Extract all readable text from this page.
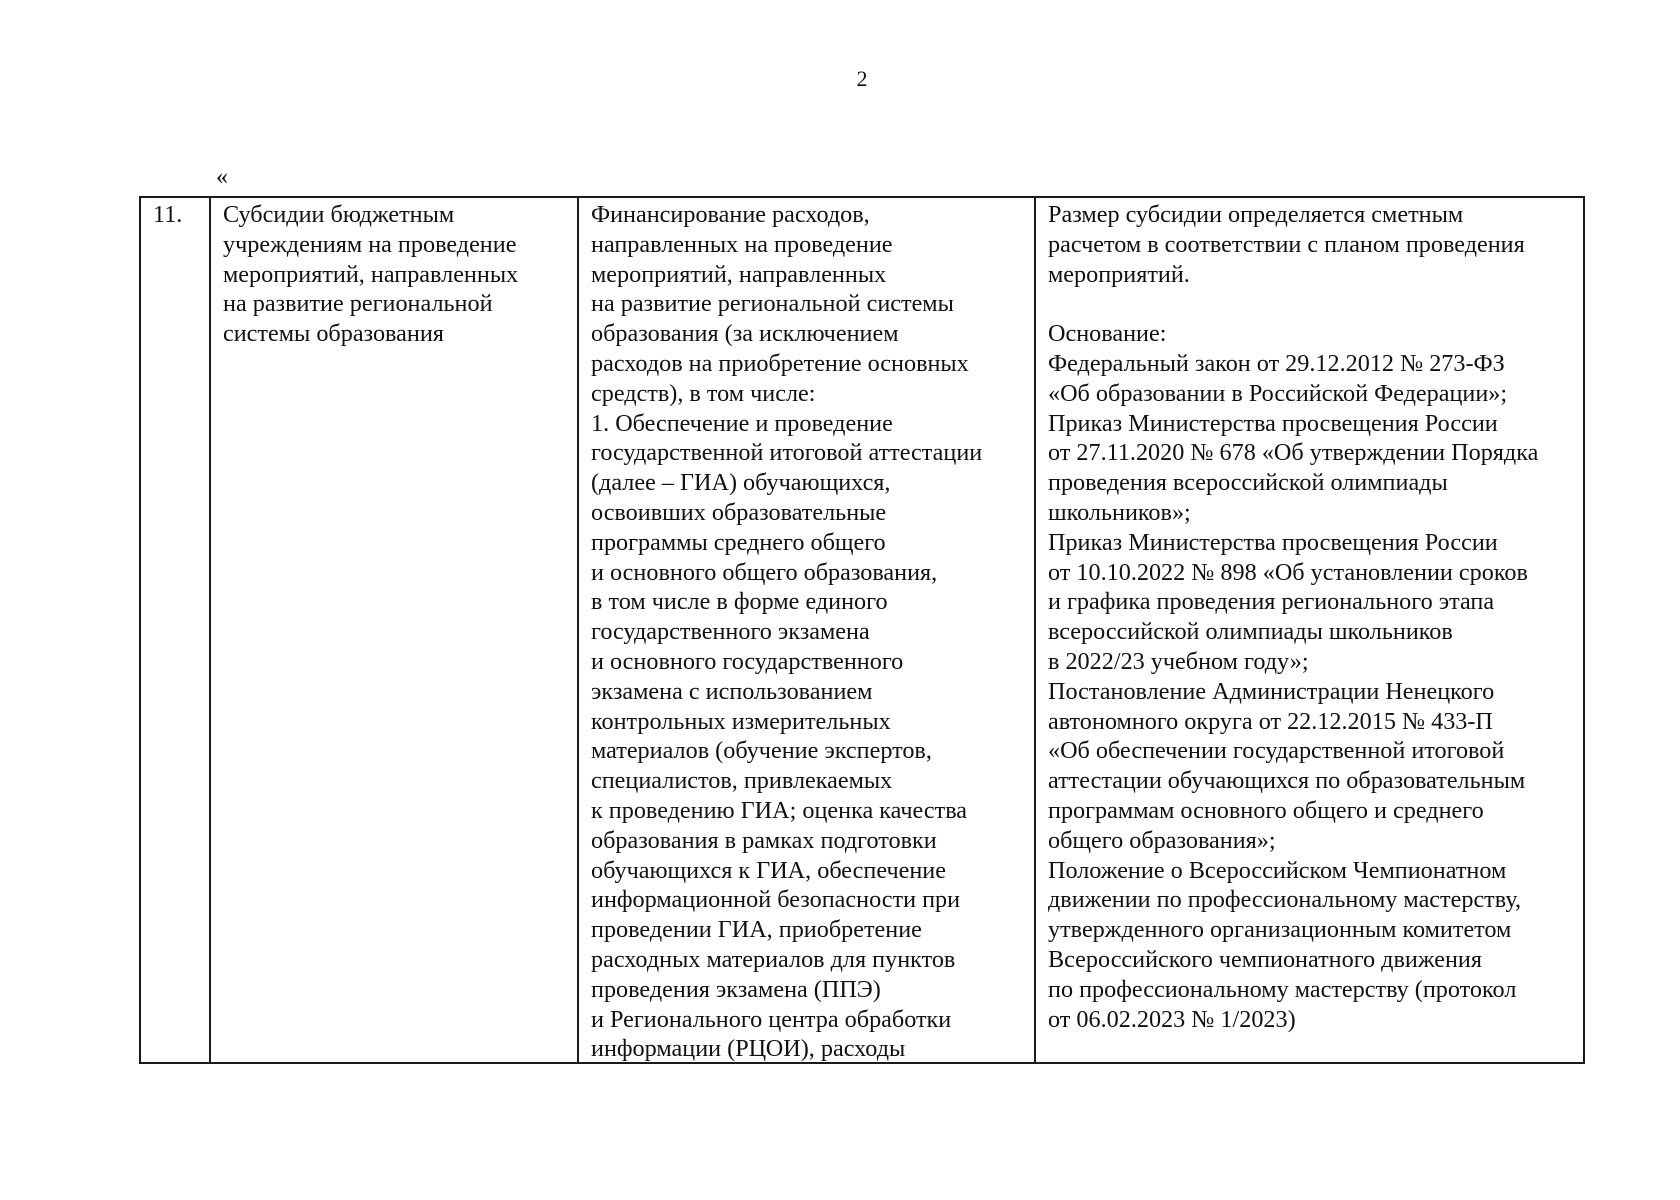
2
«
11.	Субсидии бюджетным
учреждениям на проведение
мероприятий, направленных
на развитие региональной
системы образования
Финансирование расходов,
направленных на проведение
мероприятий, направленных
на развитие региональной системы
образования (за исключением
расходов на приобретение основных
средств), в том числе:
1. Обеспечение и проведение
государственной итоговой аттестации
(далее – ГИА) обучающихся,
освоивших образовательные
программы среднего общего
и основного общего образования,
в том числе в форме единого
государственного экзамена
и основного государственного
экзамена с использованием
контрольных измерительных
материалов (обучение экспертов,
специалистов, привлекаемых
к проведению ГИА; оценка качества
образования в рамках подготовки
обучающихся к ГИА, обеспечение
информационной безопасности при
проведении ГИА, приобретение
расходных материалов для пунктов
проведения экзамена (ППЭ)
и Регионального центра обработки
информации (РЦОИ), расходы
Размер субсидии определяется сметным
расчетом в соответствии с планом проведения
мероприятий.
Основание:
Федеральный закон от 29.12.2012 № 273-ФЗ
«Об образовании в Российской Федерации»;
Приказ Министерства просвещения России
от 27.11.2020 № 678 «Об утверждении Порядка
проведения всероссийской олимпиады
школьников»;
Приказ Министерства просвещения России
от 10.10.2022 № 898 «Об установлении сроков
и графика проведения регионального этапа
всероссийской олимпиады школьников
в 2022/23 учебном году»;
Постановление Администрации Ненецкого
автономного округа от 22.12.2015 № 433-П
«Об обеспечении государственной итоговой
аттестации обучающихся по образовательным
программам основного общего и среднего
общего образования»;
Положение о Всероссийском Чемпионатном
движении по профессиональному мастерству,
утвержденного организационным комитетом
Всероссийского чемпионатного движения
по профессиональному мастерству (протокол
от 06.02.2023 № 1/2023)
